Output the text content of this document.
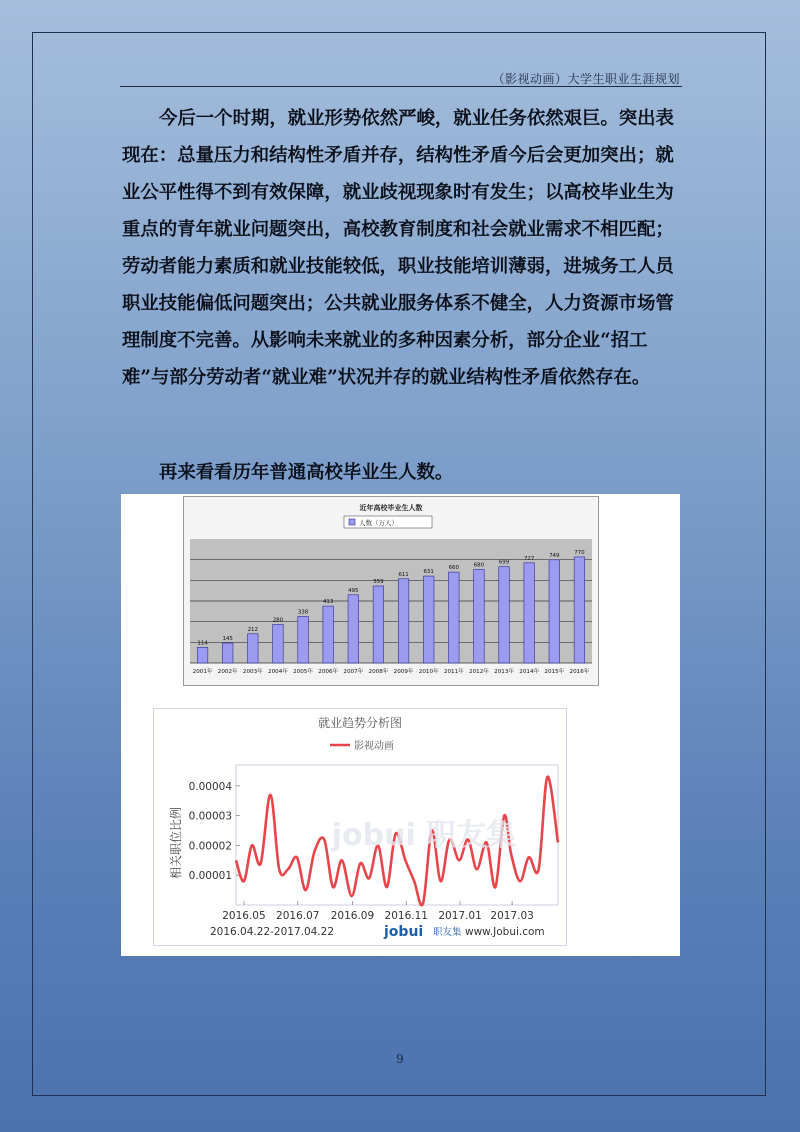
（影视动画）大学生职业生涯规划

今后一个时期，就业形势依然严峻，就业任务依然艰巨。突出表现在：总量压力和结构性矛盾并存，结构性矛盾今后会更加突出；就业公平性得不到有效保障，就业歧视现象时有发生；以高校毕业生为重点的青年就业问题突出，高校教育制度和社会就业需求不相匹配；劳动者能力素质和就业技能较低，职业技能培训薄弱，进城务工人员职业技能偏低问题突出；公共就业服务体系不健全，人力资源市场管理制度不完善。从影响未来就业的多种因素分析，部分企业“招工难”与部分劳动者“就业难”状况并存的就业结构性矛盾依然存在。

再来看看历年普通高校毕业生人数。

近年高校毕业生人数
人数（万人）
114
2001年
145
2002年
212
2003年
280
2004年
338
2005年
413
2006年
495
2007年
559
2008年
611
2009年
631
2010年
660
2011年
680
2012年
699
2013年
727
2014年
749
2015年
770
2016年
就业趋势分析图
影视动画
相关职位比例 0.00001
0.00002
0.00003
0.00004
2016.05 2016.07 2016.09 2016.11 2017.01 2017.03
jobui 职友集
2016.04.22-2017.04.22	jobui 职友集 www.Jobui.com
9
